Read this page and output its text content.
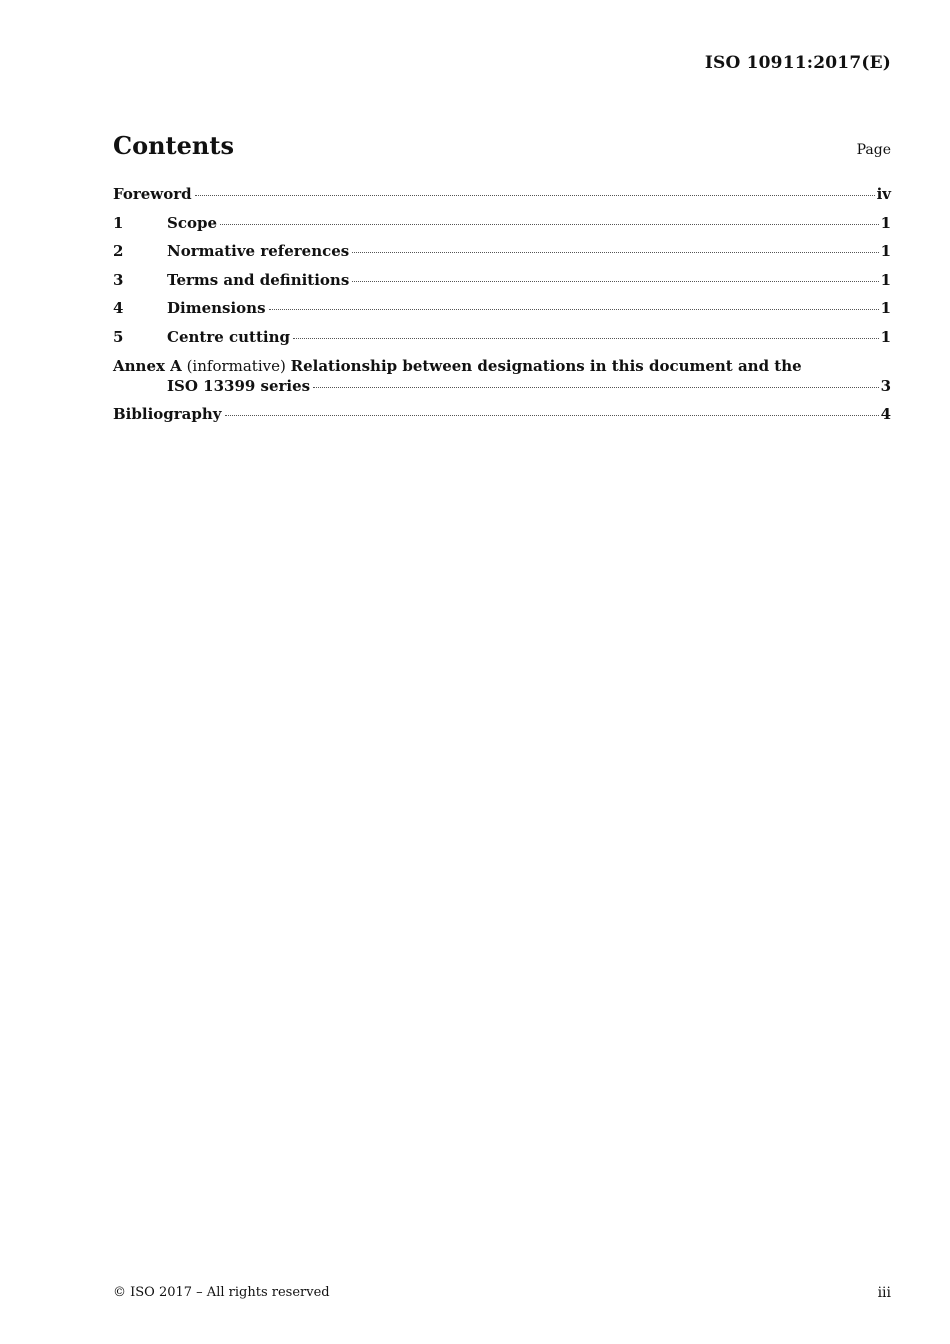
ISO 10911:2017(E)
Contents	Page
Foreword	iv
1	Scope	1
2	Normative references	1
3	Terms and definitions	1
4	Dimensions	1
5	Centre cutting	1
Annex A (informative) Relationship between designations in this document and the
ISO 13399 series	3
Bibliography	4
© ISO 2017 – All rights reserved	iii
